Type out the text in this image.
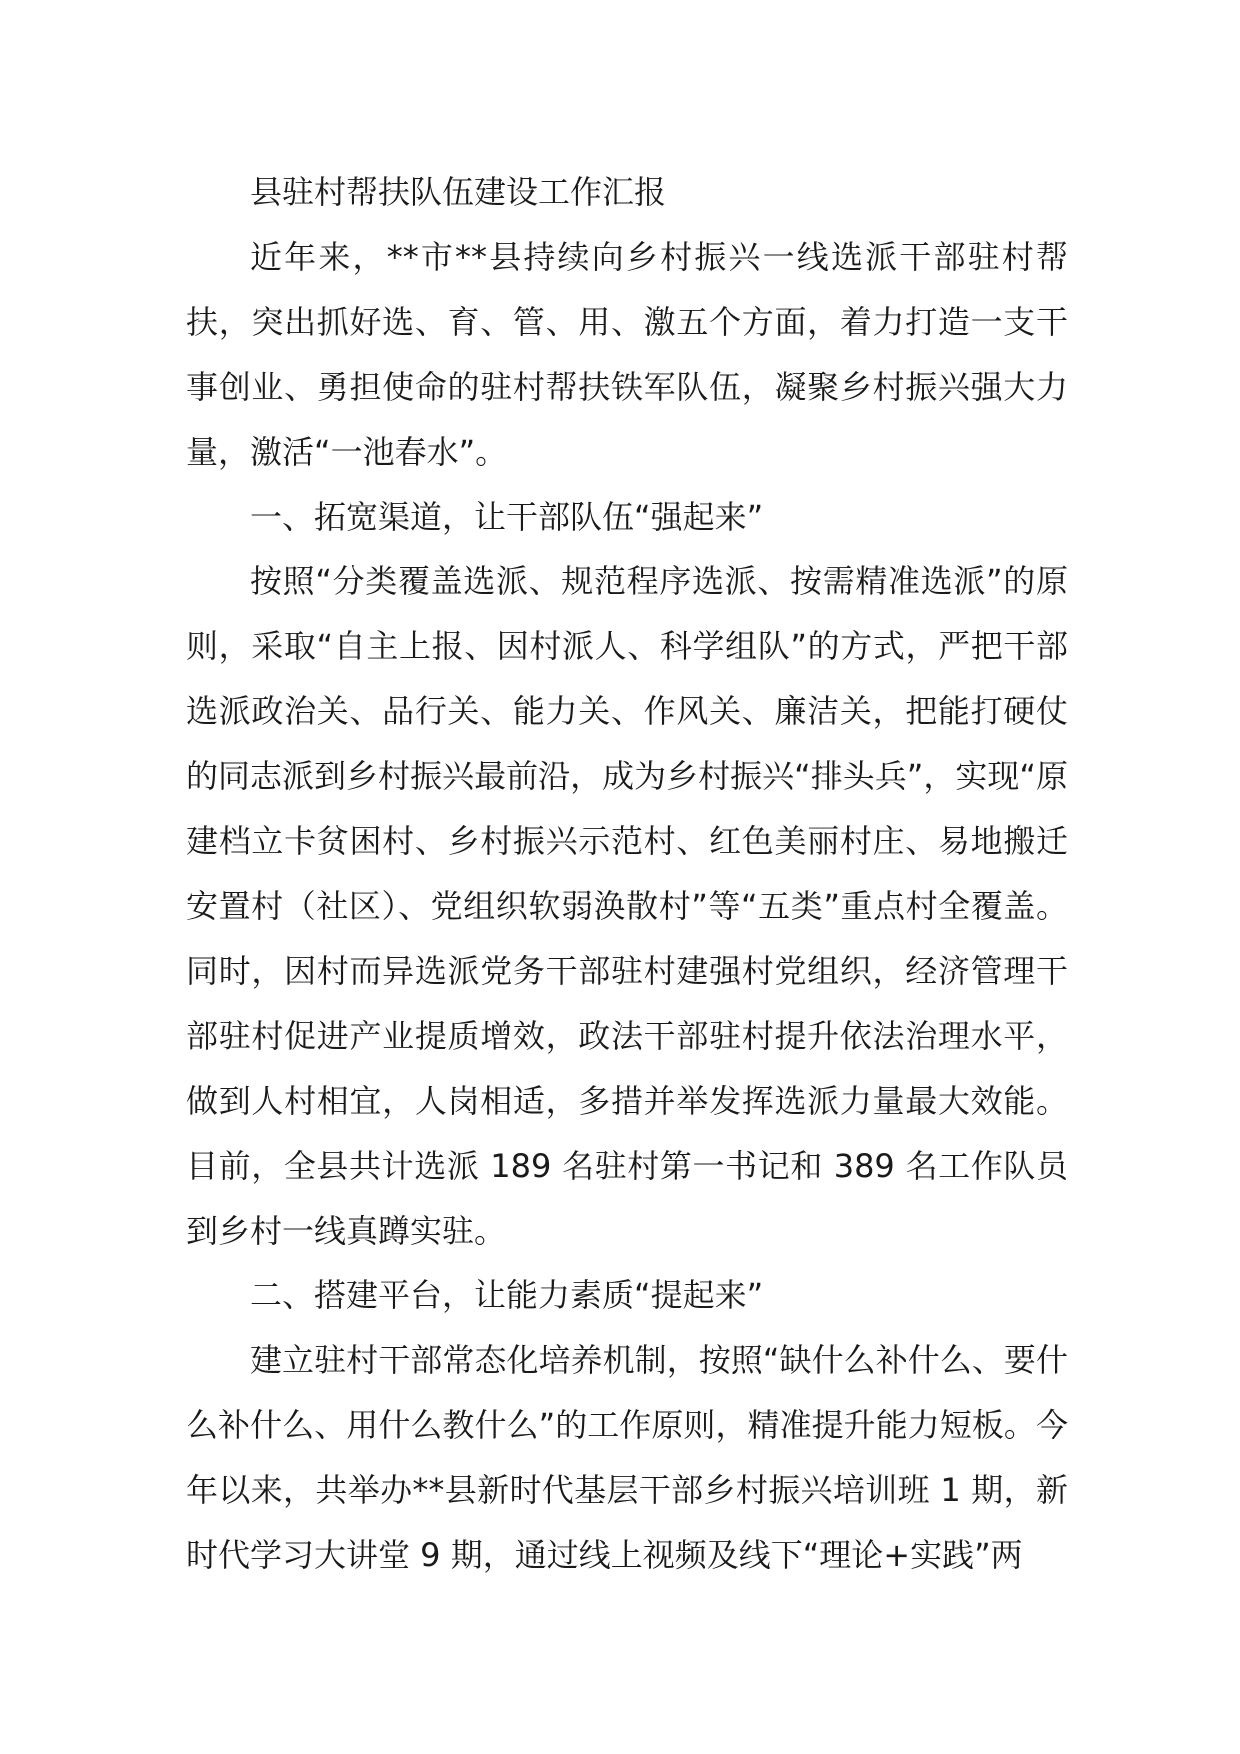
县驻村帮扶队伍建设工作汇报

近年来，**市**县持续向乡村振兴一线选派干部驻村帮扶，突出抓好选、育、管、用、激五个方面，着力打造一支干事创业、勇担使命的驻村帮扶铁军队伍，凝聚乡村振兴强大力量，激活“一池春水”。

一、拓宽渠道，让干部队伍“强起来”

按照“分类覆盖选派、规范程序选派、按需精准选派”的原则，采取“自主上报、因村派人、科学组队”的方式，严把干部选派政治关、品行关、能力关、作风关、廉洁关，把能打硬仗的同志派到乡村振兴最前沿，成为乡村振兴“排头兵”，实现“原建档立卡贫困村、乡村振兴示范村、红色美丽村庄、易地搬迁安置村（社区）、党组织软弱涣散村”等“五类”重点村全覆盖。同时，因村而异选派党务干部驻村建强村党组织，经济管理干部驻村促进产业提质增效，政法干部驻村提升依法治理水平，做到人村相宜，人岗相适，多措并举发挥选派力量最大效能。目前，全县共计选派 189 名驻村第一书记和 389 名工作队员到乡村一线真蹲实驻。

二、搭建平台，让能力素质“提起来”

建立驻村干部常态化培养机制，按照“缺什么补什么、要什么补什么、用什么教什么”的工作原则，精准提升能力短板。今年以来，共举办**县新时代基层干部乡村振兴培训班 1 期，新时代学习大讲堂 9 期，通过线上视频及线下“理论+实践”两
